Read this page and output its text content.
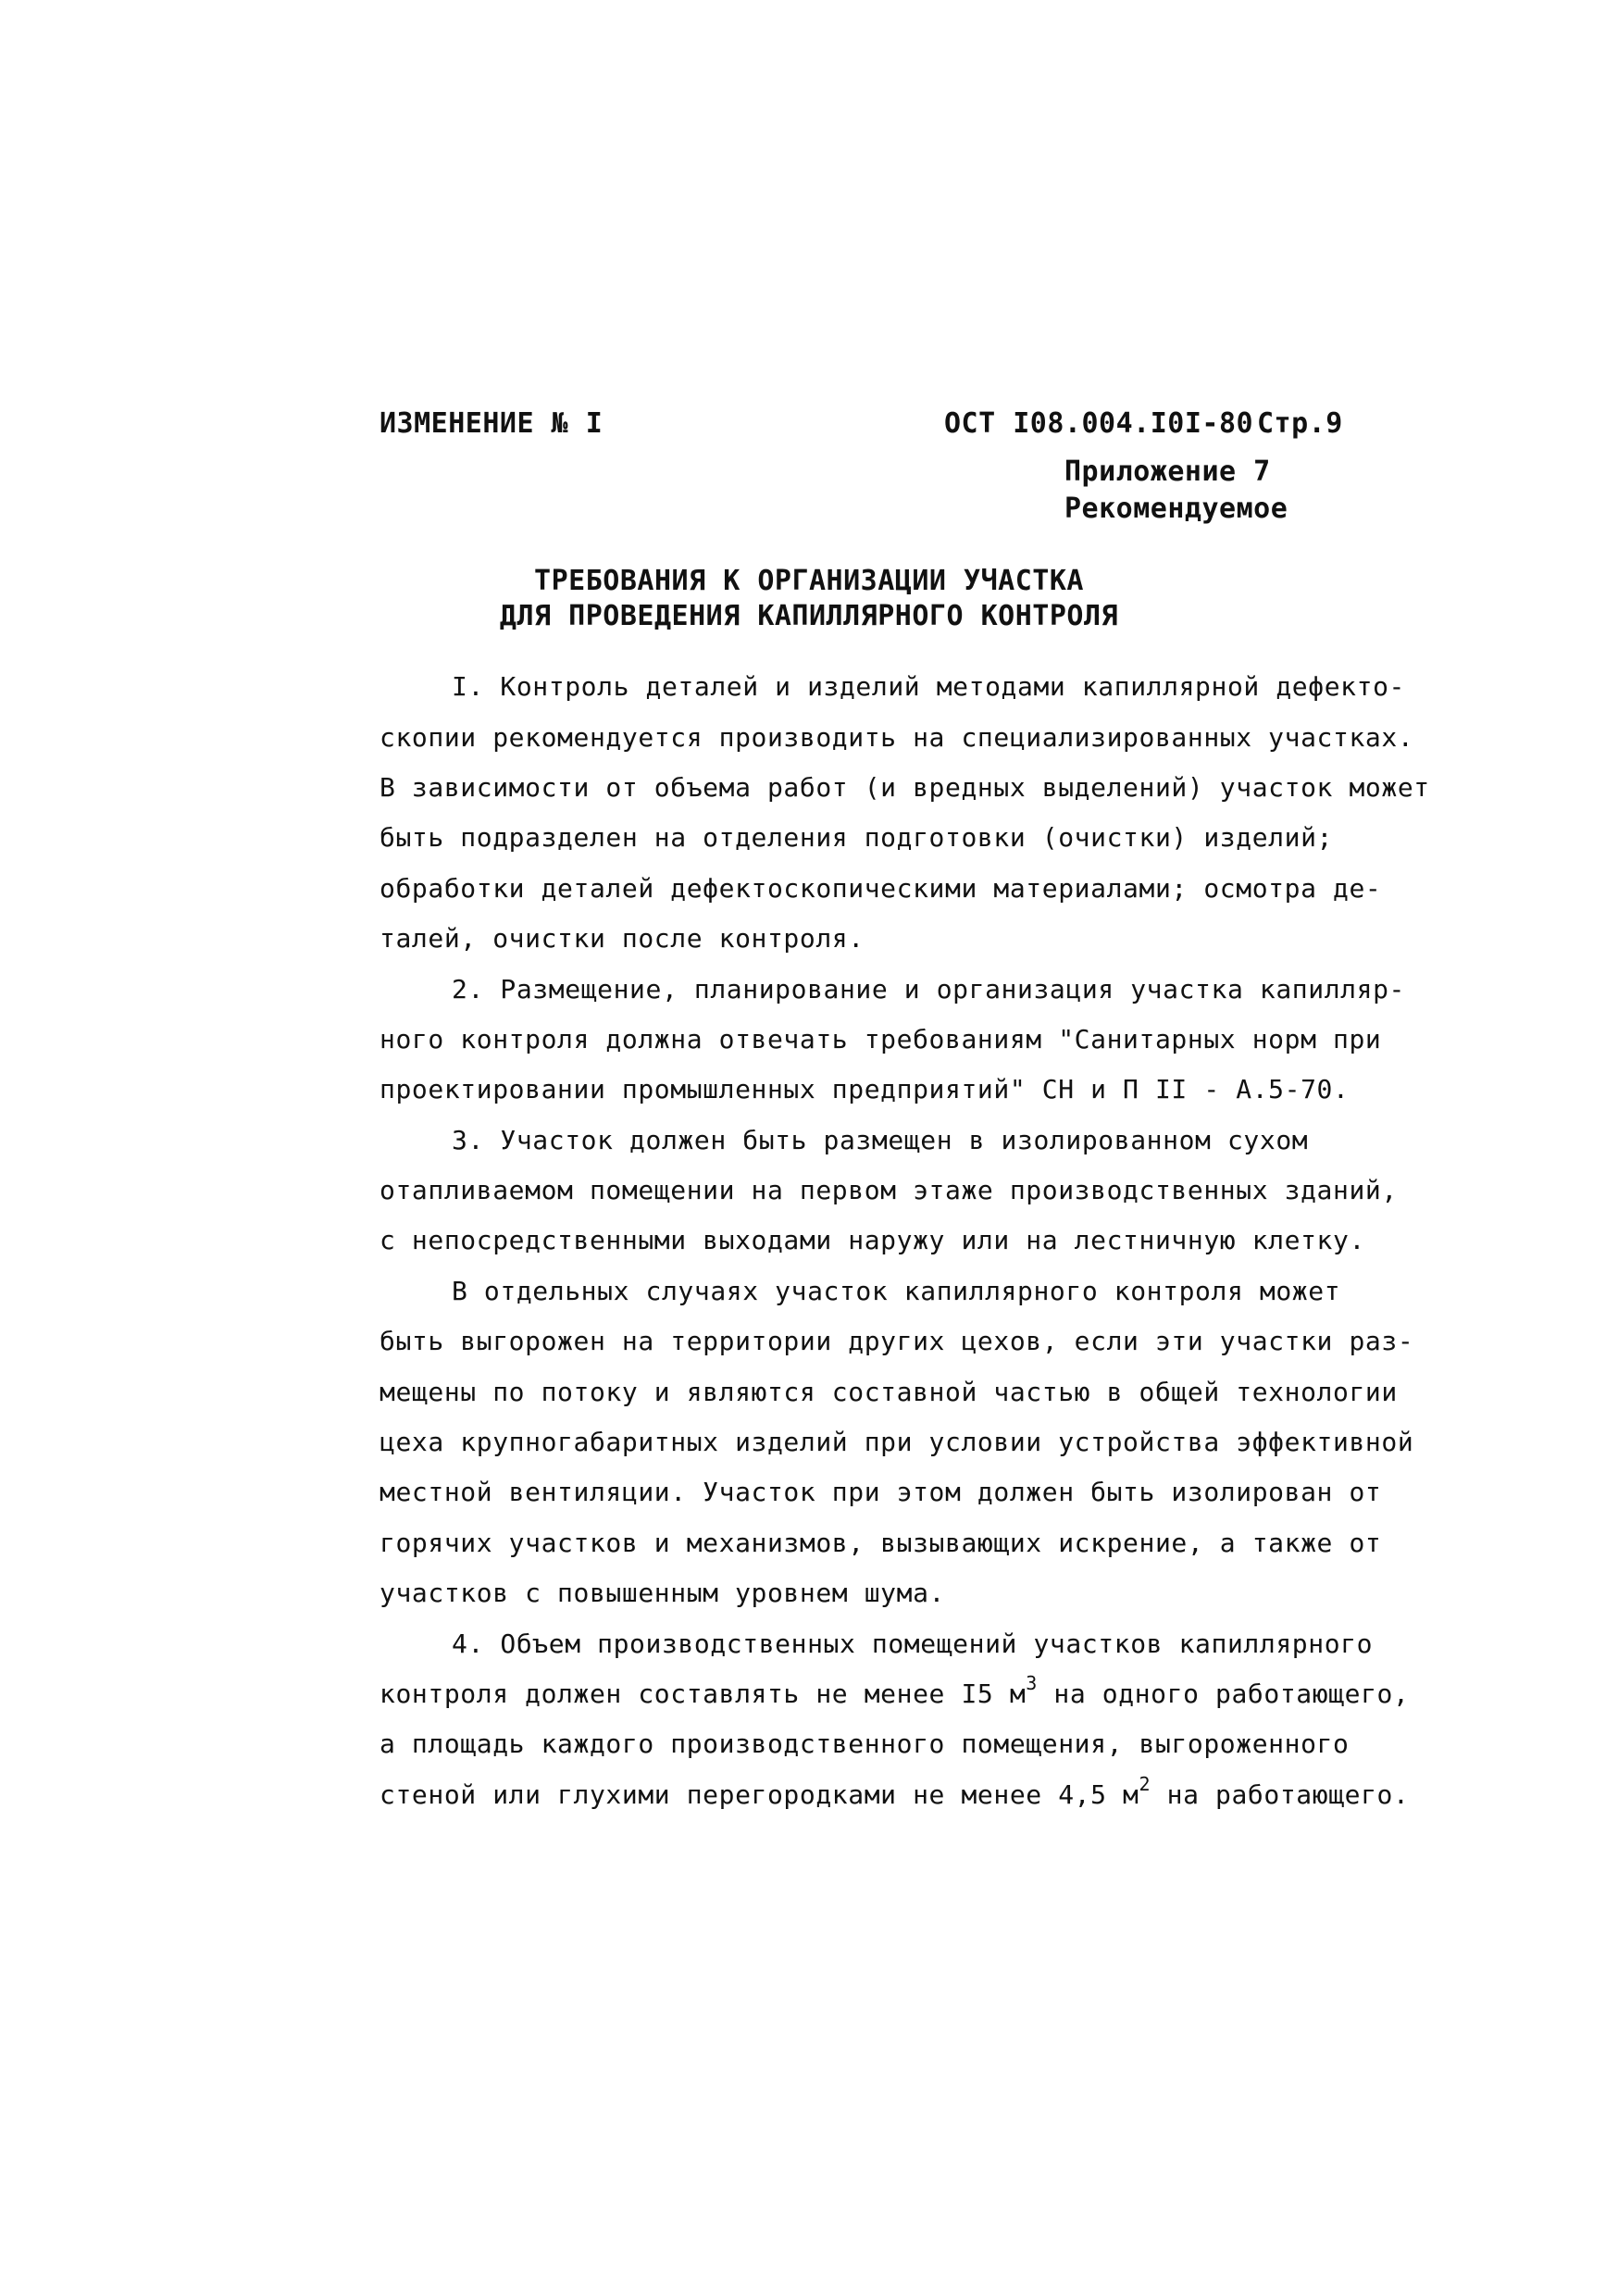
ИЗМЕНЕНИЕ № I	ОСТ I08.004.I0I-80 Стр.9
Приложение 7
Рекомендуемое
ТРЕБОВАНИЯ К ОРГАНИЗАЦИИ УЧАСТКА
ДЛЯ ПРОВЕДЕНИЯ КАПИЛЛЯРНОГО КОНТРОЛЯ
I. Контроль деталей и изделий методами капиллярной дефекто-
скопии рекомендуется производить на специализированных участках.
В зависимости от объема работ (и вредных выделений) участок может
быть подразделен на отделения подготовки (очистки) изделий;
обработки деталей дефектоскопическими материалами; осмотра де-
талей, очистки после контроля.
2. Размещение, планирование и организация участка капилляр-
ного контроля должна отвечать требованиям "Санитарных норм при
проектировании промышленных предприятий" СН и П II - А.5-70.
3. Участок должен быть размещен в изолированном сухом
отапливаемом помещении на первом этаже производственных зданий,
с непосредственными выходами наружу или на лестничную клетку.
В отдельных случаях участок капиллярного контроля может
быть выгорожен на территории других цехов, если эти участки раз-
мещены по потоку и являются составной частью в общей технологии
цеха крупногабаритных изделий при условии устройства эффективной
местной вентиляции. Участок при этом должен быть изолирован от
горячих участков и механизмов, вызывающих искрение, а также от
участков с повышенным уровнем шума.
4. Объем производственных помещений участков капиллярного
контроля должен составлять не менее I5 $м^3$ на одного работающего,
а площадь каждого производственного помещения, выгороженного
стеной или глухими перегородками не менее 4,5 $м^2$ на работающего.
